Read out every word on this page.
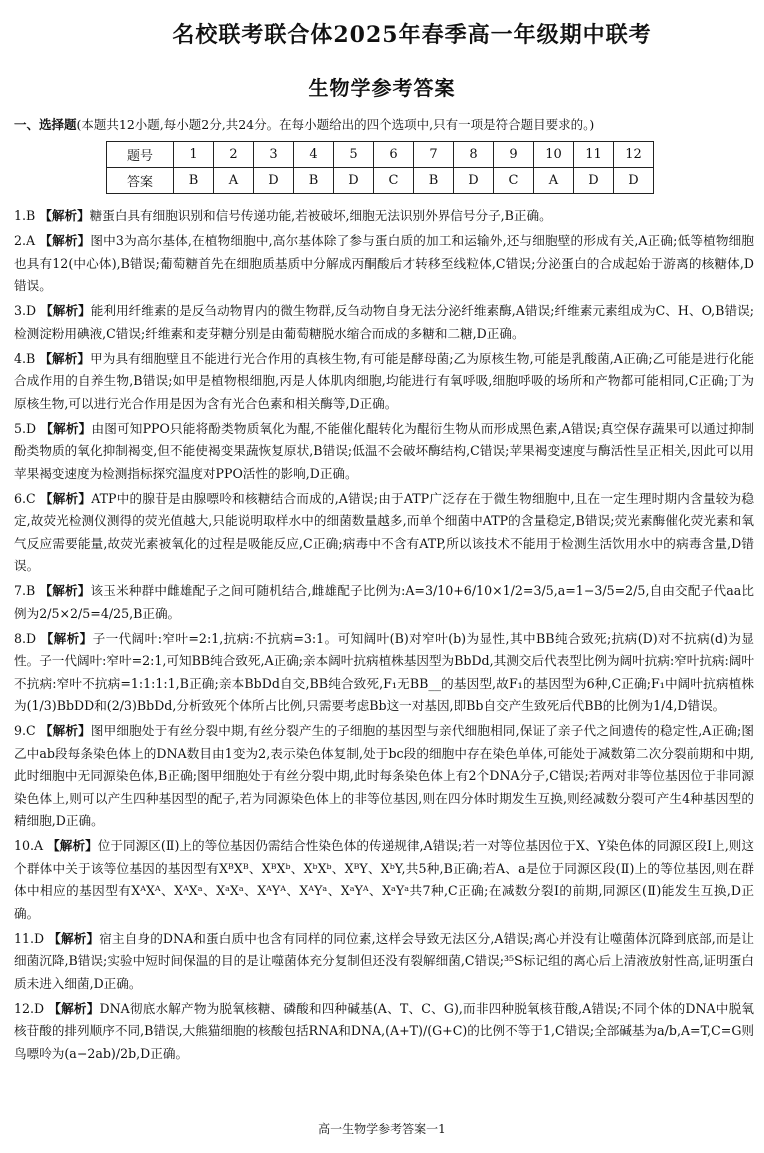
名校联考联合体2025年春季高一年级期中联考
生物学参考答案
一、选择题(本题共12小题,每小题2分,共24分。在每小题给出的四个选项中,只有一项是符合题目要求的。)
题号	1	2	3	4	5	6	7	8	9	10	11	12
答案	B	A	D	B	D	C	B	D	C	A	D	D

1.B 【解析】糖蛋白具有细胞识别和信号传递功能,若被破坏,细胞无法识别外界信号分子,B正确。

2.A 【解析】图中3为高尔基体,在植物细胞中,高尔基体除了参与蛋白质的加工和运输外,还与细胞壁的形成有关,A正确;低等植物细胞也具有12(中心体),B错误;葡萄糖首先在细胞质基质中分解成丙酮酸后才转移至线粒体,C错误;分泌蛋白的合成起始于游离的核糖体,D错误。

3.D 【解析】能利用纤维素的是反刍动物胃内的微生物群,反刍动物自身无法分泌纤维素酶,A错误;纤维素元素组成为C、H、O,B错误;检测淀粉用碘液,C错误;纤维素和麦芽糖分别是由葡萄糖脱水缩合而成的多糖和二糖,D正确。

4.B 【解析】甲为具有细胞壁且不能进行光合作用的真核生物,有可能是酵母菌;乙为原核生物,可能是乳酸菌,A正确;乙可能是进行化能合成作用的自养生物,B错误;如甲是植物根细胞,丙是人体肌肉细胞,均能进行有氧呼吸,细胞呼吸的场所和产物都可能相同,C正确;丁为原核生物,可以进行光合作用是因为含有光合色素和相关酶等,D正确。

5.D 【解析】由图可知PPO只能将酚类物质氧化为醌,不能催化醌转化为醌衍生物从而形成黑色素,A错误;真空保存蔬果可以通过抑制酚类物质的氧化抑制褐变,但不能使褐变果蔬恢复原状,B错误;低温不会破坏酶结构,C错误;苹果褐变速度与酶活性呈正相关,因此可以用苹果褐变速度为检测指标探究温度对PPO活性的影响,D正确。

6.C 【解析】ATP中的腺苷是由腺嘌呤和核糖结合而成的,A错误;由于ATP广泛存在于微生物细胞中,且在一定生理时期内含量较为稳定,故荧光检测仪测得的荧光值越大,只能说明取样水中的细菌数量越多,而单个细菌中ATP的含量稳定,B错误;荧光素酶催化荧光素和氧气反应需要能量,故荧光素被氧化的过程是吸能反应,C正确;病毒中不含有ATP,所以该技术不能用于检测生活饮用水中的病毒含量,D错误。

7.B 【解析】该玉米种群中雌雄配子之间可随机结合,雌雄配子比例为:A=3/10+6/10×1/2=3/5,a=1−3/5=2/5,自由交配子代aa比例为2/5×2/5=4/25,B正确。

8.D 【解析】子一代阔叶:窄叶=2:1,抗病:不抗病=3:1。可知阔叶(B)对窄叶(b)为显性,其中BB纯合致死;抗病(D)对不抗病(d)为显性。子一代阔叶:窄叶=2:1,可知BB纯合致死,A正确;亲本阔叶抗病植株基因型为BbDd,其测交后代表型比例为阔叶抗病:窄叶抗病:阔叶不抗病:窄叶不抗病=1:1:1:1,B正确;亲本BbDd自交,BB纯合致死,F₁无BB__的基因型,故F₁的基因型为6种,C正确;F₁中阔叶抗病植株为(1/3)BbDD和(2/3)BbDd,分析致死个体所占比例,只需要考虑Bb这一对基因,即Bb自交产生致死后代BB的比例为1/4,D错误。

9.C 【解析】图甲细胞处于有丝分裂中期,有丝分裂产生的子细胞的基因型与亲代细胞相同,保证了亲子代之间遗传的稳定性,A正确;图乙中ab段每条染色体上的DNA数目由1变为2,表示染色体复制,处于bc段的细胞中存在染色单体,可能处于减数第二次分裂前期和中期,此时细胞中无同源染色体,B正确;图甲细胞处于有丝分裂中期,此时每条染色体上有2个DNA分子,C错误;若两对非等位基因位于非同源染色体上,则可以产生四种基因型的配子,若为同源染色体上的非等位基因,则在四分体时期发生互换,则经减数分裂可产生4种基因型的精细胞,D正确。

10.A 【解析】位于同源区(Ⅱ)上的等位基因仍需结合性染色体的传递规律,A错误;若一对等位基因位于X、Y染色体的同源区段Ⅰ上,则这个群体中关于该等位基因的基因型有XᴮXᴮ、XᴮXᵇ、XᵇXᵇ、XᴮY、XᵇY,共5种,B正确;若A、a是位于同源区段(Ⅱ)上的等位基因,则在群体中相应的基因型有XᴬXᴬ、XᴬXᵃ、XᵃXᵃ、XᴬYᴬ、XᴬYᵃ、XᵃYᴬ、XᵃYᵃ共7种,C正确;在减数分裂Ⅰ的前期,同源区(Ⅱ)能发生互换,D正确。

11.D 【解析】宿主自身的DNA和蛋白质中也含有同样的同位素,这样会导致无法区分,A错误;离心并没有让噬菌体沉降到底部,而是让细菌沉降,B错误;实验中短时间保温的目的是让噬菌体充分复制但还没有裂解细菌,C错误;³⁵S标记组的离心后上清液放射性高,证明蛋白质未进入细菌,D正确。

12.D 【解析】DNA彻底水解产物为脱氧核糖、磷酸和四种碱基(A、T、C、G),而非四种脱氧核苷酸,A错误;不同个体的DNA中脱氧核苷酸的排列顺序不同,B错误,大熊猫细胞的核酸包括RNA和DNA,(A+T)/(G+C)的比例不等于1,C错误;全部碱基为a/b,A=T,C=G则鸟嘌呤为(a−2ab)/2b,D正确。

高一生物学参考答案一1
